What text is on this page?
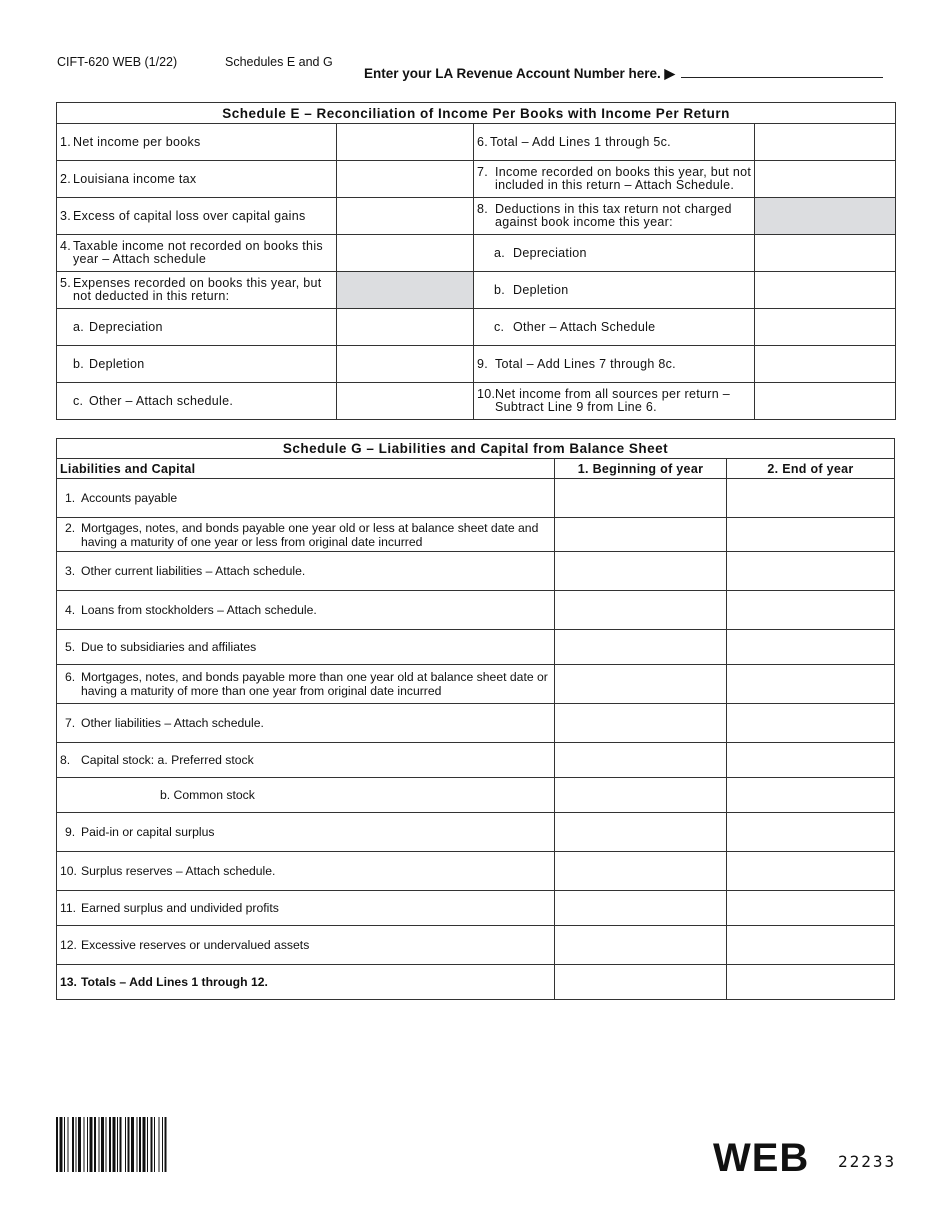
CIFT-620 WEB (1/22)	Schedules E and G
Enter your LA Revenue Account Number here. ▶
Schedule E – Reconciliation of Income Per Books with Income Per Return			

1. Net income per books		6. Total – Add Lines 1 through 5c.	

2. Louisiana income tax		7. Income recorded on books this year, but not included in this return – Attach Schedule.	

3. Excess of capital loss over capital gains		8. Deductions in this tax return not charged against book income this year:	

4. Taxable income not recorded on books this year – Attach schedule		a. Depreciation	

5. Expenses recorded on books this year, but not deducted in this return:		b. Depletion	

a. Depreciation		c. Other – Attach Schedule	

b. Depletion		9. Total – Add Lines 7 through 8c.	

c. Other – Attach schedule.		10. Net income from all sources per return – Subtract Line 9 from Line 6.	

Schedule G – Liabilities and Capital from Balance Sheet		
Liabilities and Capital	1. Beginning of year	2. End of year

1. Accounts payable		

2. Mortgages, notes, and bonds payable one year old or less at balance sheet date and having a maturity of one year or less from original date incurred		

3. Other current liabilities – Attach schedule.		

4. Loans from stockholders – Attach schedule.		

5. Due to subsidiaries and affiliates		

6. Mortgages, notes, and bonds payable more than one year old at balance sheet date or having a maturity of more than one year from original date incurred		

7. Other liabilities – Attach schedule.		

8. Capital stock: a. Preferred stock		

b. Common stock		

9. Paid-in or capital surplus		

10. Surplus reserves – Attach schedule.		

11. Earned surplus and undivided profits		

12. Excessive reserves or undervalued assets		

13. Totals – Add Lines 1 through 12.		

WEB 22233
